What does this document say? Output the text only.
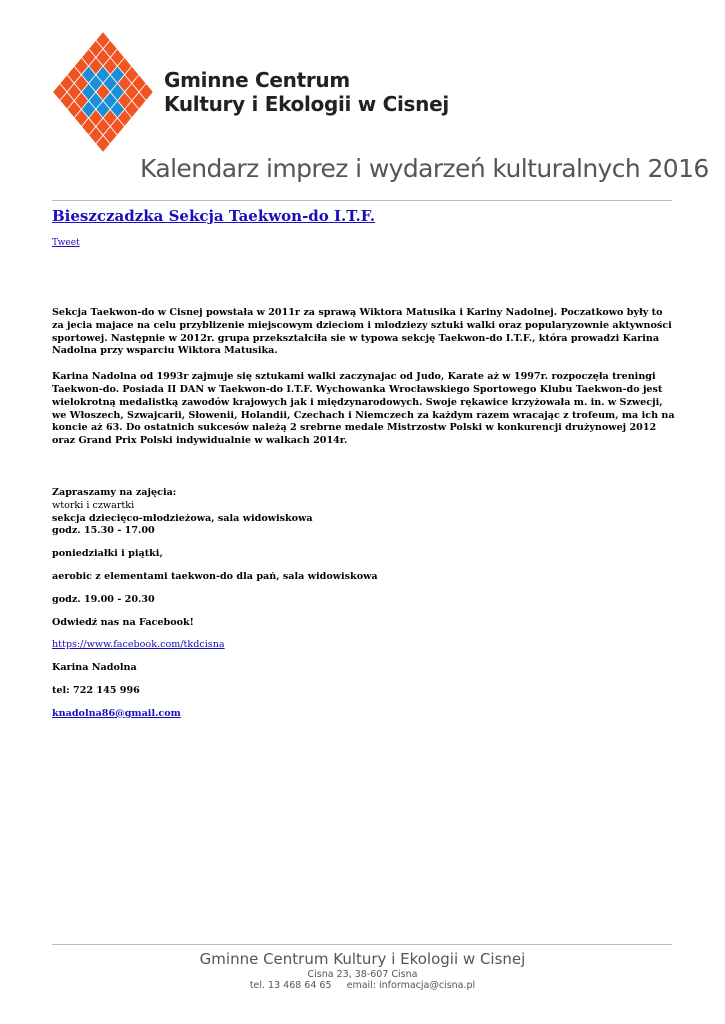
Gminne Centrum
Kultury i Ekologii w Cisnej
Kalendarz imprez i wydarzeń kulturalnych 2016
Bieszczadzka Sekcja Taekwon-do I.T.F.
Tweet

Sekcja Taekwon-do w Cisnej powstała w 2011r za sprawą Wiktora Matusika i Kariny Nadolnej. Poczatkowo były to za jecia majace na celu przyblizenie miejscowym dzieciom i mlodziezy sztuki walki oraz popularyzownie aktywności sportowej. Następnie w 2012r. grupa przekształciła sie w typowa sekcję Taekwon-do I.T.F., która prowadzi Karina Nadolna przy wsparciu Wiktora Matusika.

Karina Nadolna od 1993r zajmuje się sztukami walki zaczynajac od Judo, Karate aż w 1997r. rozpoczęła treningi Taekwon-do. Posiada II DAN w Taekwon-do I.T.F. Wychowanka Wrocławskiego Sportowego Klubu Taekwon-do jest wielokrotną medalistką zawodów krajowych jak i międzynarodowych. Swoje rękawice krzyżowała m. in. w Szwecji, we Włoszech, Szwajcarii, Słowenii, Holandii, Czechach i Niemczech za każdym razem wracając z trofeum, ma ich na koncie aż 63. Do ostatnich sukcesów należą 2 srebrne medale Mistrzostw Polski w konkurencji drużynowej 2012 oraz Grand Prix Polski indywidualnie w walkach 2014r.

Zapraszamy na zajęcia:

wtorki i czwartki

sekcja dziecięco-młodzieżowa, sala widowiskowa

godz. 15.30 - 17.00

poniedziałki i piątki,

aerobic z elementami taekwon-do dla pań, sala widowiskowa

godz. 19.00 - 20.30

Odwiedź nas na Facebook!

https://www.facebook.com/tkdcisna

Karina Nadolna

tel: 722 145 996

knadolna86@gmail.com

Gminne Centrum Kultury i Ekologii w Cisnej
Cisna 23, 38-607 Cisna
tel. 13 468 64 65     email: informacja@cisna.pl
